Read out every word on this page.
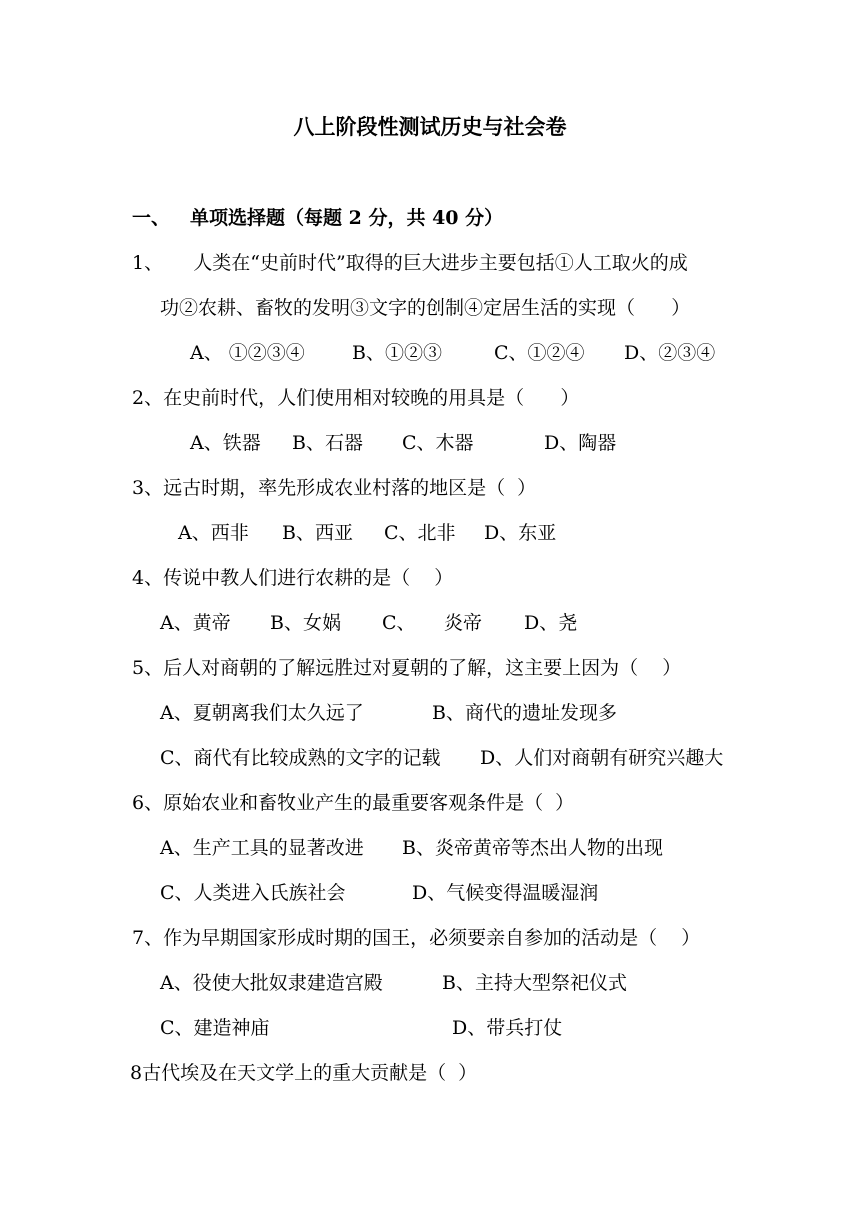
八上阶段性测试历史与社会卷
一、 单项选择题（每题 2 分，共 40 分）
1、     人类在“史前时代”取得的巨大进步主要包括①人工取火的成
功②农耕、畜牧的发明③文字的创制④定居生活的实现（      ）
A、 ①②③④ B、①②③	C、①②④ D、②③④
2、在史前时代，人们使用相对较晚的用具是（      ）
A、铁器 B、石器 C、木器	D、陶器
3、远古时期，率先形成农业村落的地区是（  ）
A、西非 B、西亚 C、北非 D、东亚
4、传说中教人们进行农耕的是（    ）
A、黄帝 B、女娲 C、 炎帝 D、尧
5、后人对商朝的了解远胜过对夏朝的了解，这主要上因为（    ）
A、夏朝离我们太久远了	B、商代的遗址发现多
C、商代有比较成熟的文字的记载 D、人们对商朝有研究兴趣大
6、原始农业和畜牧业产生的最重要客观条件是（  ）
A、生产工具的显著改进 B、炎帝黄帝等杰出人物的出现
C、人类进入氏族社会	D、气候变得温暖湿润
7、作为早期国家形成时期的国王，必须要亲自参加的活动是（    ）
A、役使大批奴隶建造宫殿	B、主持大型祭祀仪式
C、建造神庙	D、带兵打仗
8古代埃及在天文学上的重大贡献是（  ）
